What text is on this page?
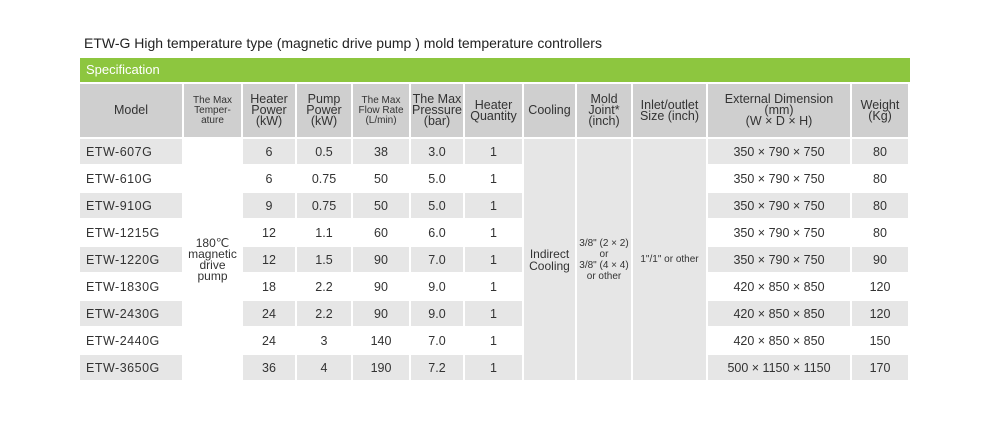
ETW-G High temperature type (magnetic drive pump ) mold temperature controllers
Specification
Model	The Max
Temper-
ature	Heater
Power
(kW)	Pump
Power
(kW)	The Max
Flow Rate
(L/min)	The Max
Pressure
(bar)	Heater
Quantity	Cooling	Mold
Joint*
(inch)	Inlet/outlet
Size (inch)	External Dimension
(mm)
(W × D × H)	Weight
(Kg)

ETW-607G	180℃
magnetic
drive
pump	6	0.5	38	3.0	1	Indirect
Cooling	3/8" (2 × 2)
or
3/8" (4 × 4)
or other	1"/1" or other	350 × 790 × 750	80
ETW-610G		6	0.75	50	5.0	1				350 × 790 × 750	80
ETW-910G		9	0.75	50	5.0	1				350 × 790 × 750	80
ETW-1215G		12	1.1	60	6.0	1				350 × 790 × 750	80
ETW-1220G		12	1.5	90	7.0	1				350 × 790 × 750	90
ETW-1830G		18	2.2	90	9.0	1				420 × 850 × 850	120
ETW-2430G		24	2.2	90	9.0	1				420 × 850 × 850	120
ETW-2440G		24	3	140	7.0	1				420 × 850 × 850	150
ETW-3650G		36	4	190	7.2	1				500 × 1150 × 1150	170
